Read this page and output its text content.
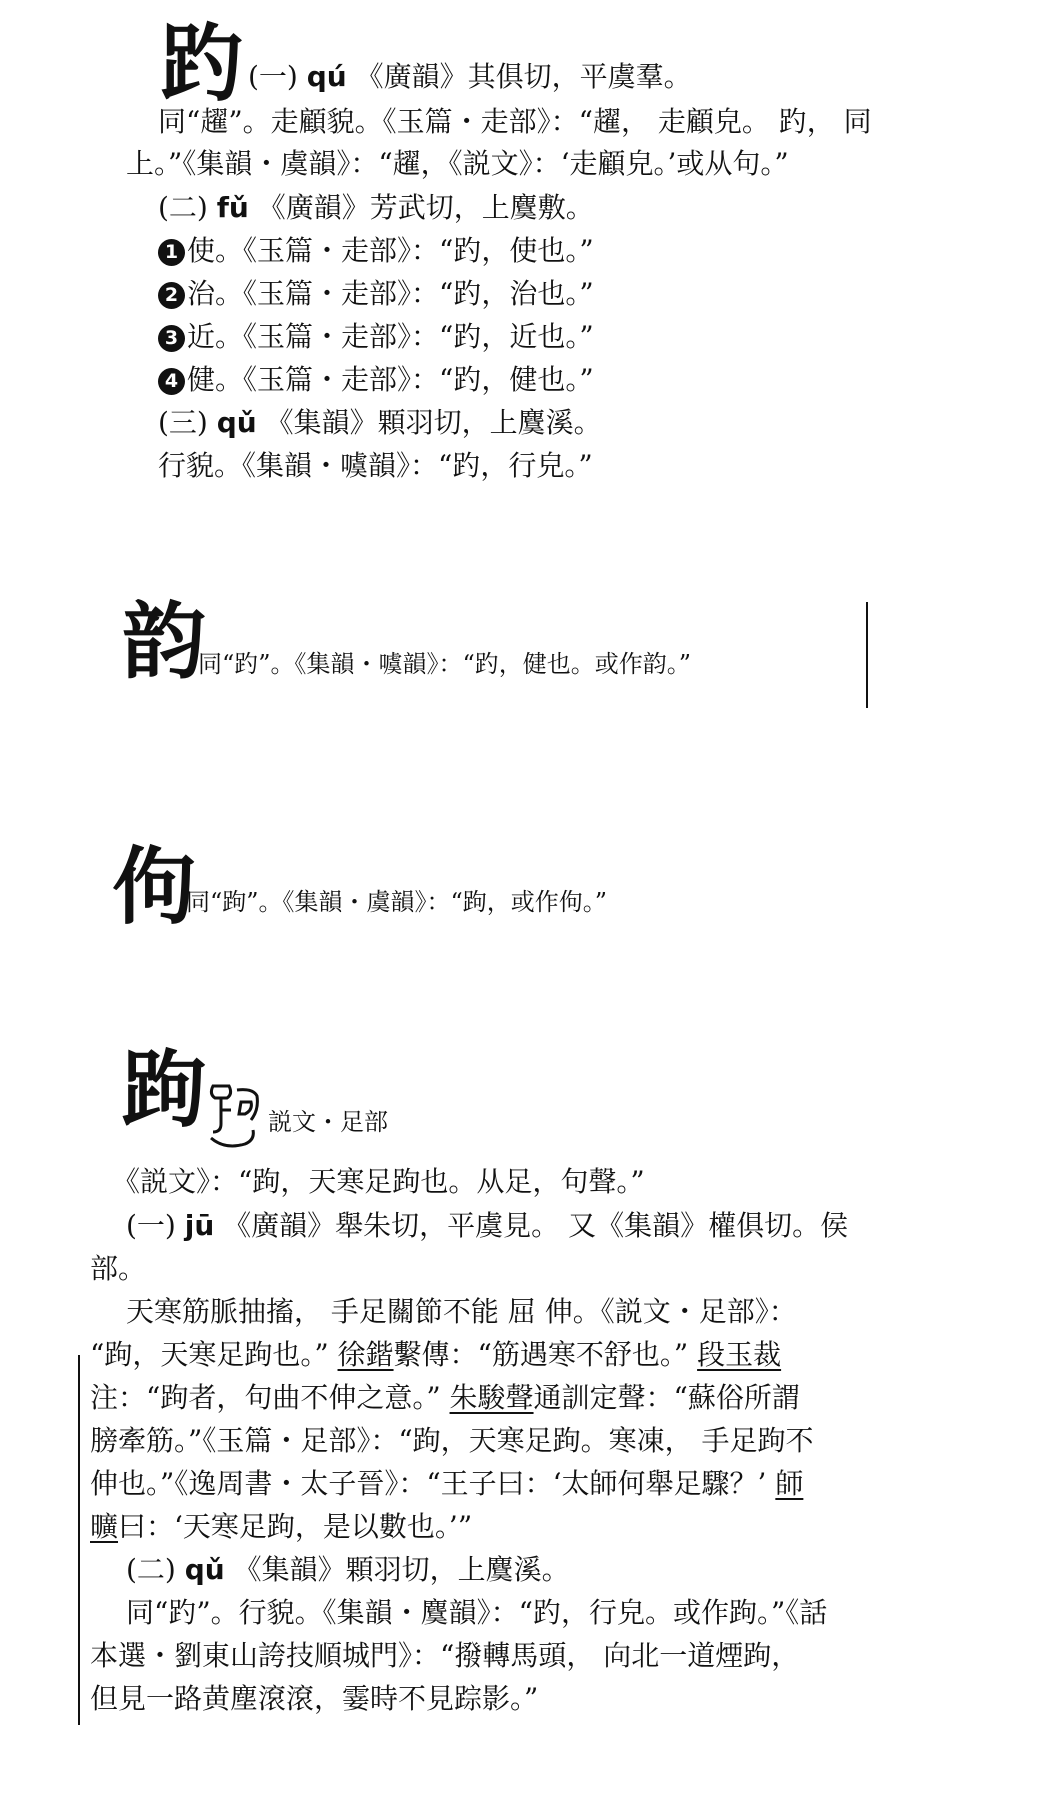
趵 (一) qú 《廣韻》其俱切，平虞羣。
同“趯”。走顧貌。《玉篇・走部》：“趯， 走顧皃。 趵， 同
上。”《集韻・虞韻》：“趯，《説文》：‘走顧皃。’或从句。”
(二) fǔ 《廣韻》芳武切，上麌敷。
1 使。《玉篇・走部》：“趵，使也。”
2 治。《玉篇・走部》：“趵，治也。”
3 近。《玉篇・走部》：“趵，近也。”
4 健。《玉篇・走部》：“趵，健也。”
(三) qǔ 《集韻》顆羽切，上麌溪。
行貌。《集韻・噳韻》：“趵，行皃。”
韵
同“趵”。《集韻・噳韻》：“趵，健也。或作韵。”
佝
同“跔”。《集韻・虞韻》：“跔，或作佝。”
跔	説文・足部
《説文》：“跔，天寒足跔也。从足，句聲。”
(一) jū 《廣韻》舉朱切，平虞見。 又《集韻》權俱切。侯
部。
天寒筋脈抽搐， 手足關節不能 屈 伸。《説文・足部》：
“跔，天寒足跔也。” 徐鍇繫傳：“筋遇寒不舒也。” 段玉裁
注：“跔者，句曲不伸之意。” 朱駿聲通訓定聲：“蘇俗所謂
膀牽筋。”《玉篇・足部》：“跔，天寒足跔。寒凍， 手足跔不
伸也。”《逸周書・太子晉》：“王子曰：‘太師何舉足驟？’ 師
曠曰：‘天寒足跔，是以數也。’”
(二) qǔ 《集韻》顆羽切，上麌溪。
同“趵”。行貌。《集韻・麌韻》：“趵，行皃。或作跔。”《話
本選・劉東山誇技順城門》：“撥轉馬頭， 向北一道煙跔，
但見一路黄塵滾滾，霎時不見踪影。”
